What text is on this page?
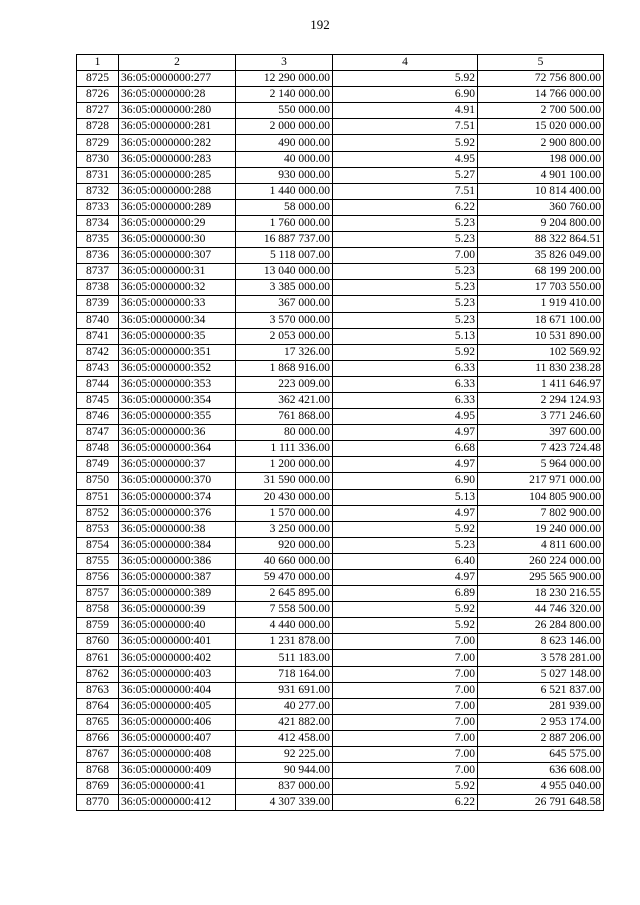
192
1	2	3	4	5
8725	36:05:0000000:277	12 290 000.00	5.92	72 756 800.00
8726	36:05:0000000:28	2 140 000.00	6.90	14 766 000.00
8727	36:05:0000000:280	550 000.00	4.91	2 700 500.00
8728	36:05:0000000:281	2 000 000.00	7.51	15 020 000.00
8729	36:05:0000000:282	490 000.00	5.92	2 900 800.00
8730	36:05:0000000:283	40 000.00	4.95	198 000.00
8731	36:05:0000000:285	930 000.00	5.27	4 901 100.00
8732	36:05:0000000:288	1 440 000.00	7.51	10 814 400.00
8733	36:05:0000000:289	58 000.00	6.22	360 760.00
8734	36:05:0000000:29	1 760 000.00	5.23	9 204 800.00
8735	36:05:0000000:30	16 887 737.00	5.23	88 322 864.51
8736	36:05:0000000:307	5 118 007.00	7.00	35 826 049.00
8737	36:05:0000000:31	13 040 000.00	5.23	68 199 200.00
8738	36:05:0000000:32	3 385 000.00	5.23	17 703 550.00
8739	36:05:0000000:33	367 000.00	5.23	1 919 410.00
8740	36:05:0000000:34	3 570 000.00	5.23	18 671 100.00
8741	36:05:0000000:35	2 053 000.00	5.13	10 531 890.00
8742	36:05:0000000:351	17 326.00	5.92	102 569.92
8743	36:05:0000000:352	1 868 916.00	6.33	11 830 238.28
8744	36:05:0000000:353	223 009.00	6.33	1 411 646.97
8745	36:05:0000000:354	362 421.00	6.33	2 294 124.93
8746	36:05:0000000:355	761 868.00	4.95	3 771 246.60
8747	36:05:0000000:36	80 000.00	4.97	397 600.00
8748	36:05:0000000:364	1 111 336.00	6.68	7 423 724.48
8749	36:05:0000000:37	1 200 000.00	4.97	5 964 000.00
8750	36:05:0000000:370	31 590 000.00	6.90	217 971 000.00
8751	36:05:0000000:374	20 430 000.00	5.13	104 805 900.00
8752	36:05:0000000:376	1 570 000.00	4.97	7 802 900.00
8753	36:05:0000000:38	3 250 000.00	5.92	19 240 000.00
8754	36:05:0000000:384	920 000.00	5.23	4 811 600.00
8755	36:05:0000000:386	40 660 000.00	6.40	260 224 000.00
8756	36:05:0000000:387	59 470 000.00	4.97	295 565 900.00
8757	36:05:0000000:389	2 645 895.00	6.89	18 230 216.55
8758	36:05:0000000:39	7 558 500.00	5.92	44 746 320.00
8759	36:05:0000000:40	4 440 000.00	5.92	26 284 800.00
8760	36:05:0000000:401	1 231 878.00	7.00	8 623 146.00
8761	36:05:0000000:402	511 183.00	7.00	3 578 281.00
8762	36:05:0000000:403	718 164.00	7.00	5 027 148.00
8763	36:05:0000000:404	931 691.00	7.00	6 521 837.00
8764	36:05:0000000:405	40 277.00	7.00	281 939.00
8765	36:05:0000000:406	421 882.00	7.00	2 953 174.00
8766	36:05:0000000:407	412 458.00	7.00	2 887 206.00
8767	36:05:0000000:408	92 225.00	7.00	645 575.00
8768	36:05:0000000:409	90 944.00	7.00	636 608.00
8769	36:05:0000000:41	837 000.00	5.92	4 955 040.00
8770	36:05:0000000:412	4 307 339.00	6.22	26 791 648.58
